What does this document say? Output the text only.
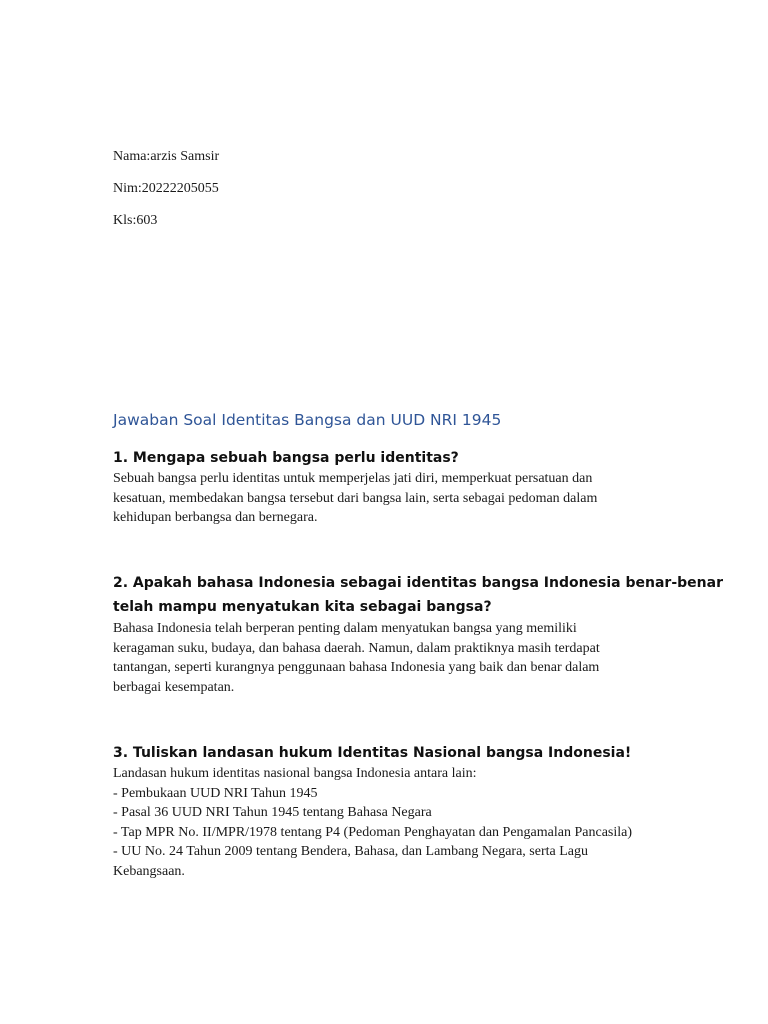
Nama:arzis Samsir
Nim:20222205055
Kls:603
Jawaban Soal Identitas Bangsa dan UUD NRI 1945
1. Mengapa sebuah bangsa perlu identitas?
Sebuah bangsa perlu identitas untuk memperjelas jati diri, memperkuat persatuan dan
kesatuan, membedakan bangsa tersebut dari bangsa lain, serta sebagai pedoman dalam
kehidupan berbangsa dan bernegara.
2. Apakah bahasa Indonesia sebagai identitas bangsa Indonesia benar-benar
telah mampu menyatukan kita sebagai bangsa?
Bahasa Indonesia telah berperan penting dalam menyatukan bangsa yang memiliki
keragaman suku, budaya, dan bahasa daerah. Namun, dalam praktiknya masih terdapat
tantangan, seperti kurangnya penggunaan bahasa Indonesia yang baik dan benar dalam
berbagai kesempatan.
3. Tuliskan landasan hukum Identitas Nasional bangsa Indonesia!
Landasan hukum identitas nasional bangsa Indonesia antara lain:
- Pembukaan UUD NRI Tahun 1945
- Pasal 36 UUD NRI Tahun 1945 tentang Bahasa Negara
- Tap MPR No. II/MPR/1978 tentang P4 (Pedoman Penghayatan dan Pengamalan Pancasila)
- UU No. 24 Tahun 2009 tentang Bendera, Bahasa, dan Lambang Negara, serta Lagu
Kebangsaan.
